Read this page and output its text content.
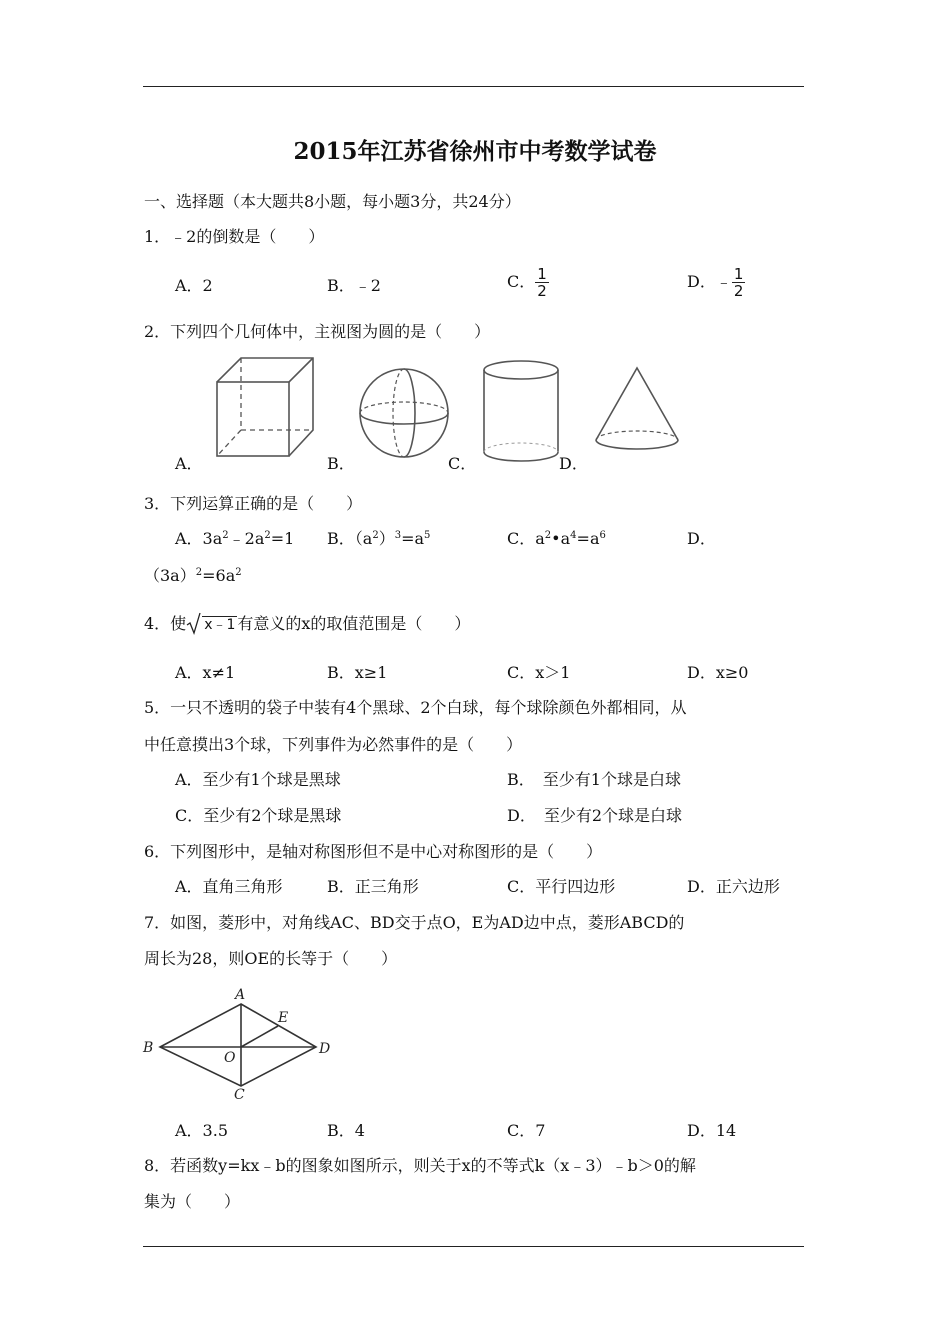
2015年江苏省徐州市中考数学试卷
一、选择题（本大题共8小题，每小题3分，共24分）
1．﹣2的倒数是（　　）
A．2	B．﹣2	C． $\frac{1}{2}$	D．﹣ $\frac{1}{2}$
2．下列四个几何体中，主视图为圆的是（　　）
A．	B．	C．	D．
3．下列运算正确的是（　　）
A．$3a^2﹣2a^2=1$ B．$(a^2)^3=a^5$	C．$a^2•a^4=a^6$	D．
$(3a)^2=6a^2$
4．使 x﹣1 有意义的x的取值范围是（　　）
A．x≠1	B．x≥1	C．x＞1	D．x≥0
5．一只不透明的袋子中装有4个黑球、2个白球，每个球除颜色外都相同，从
中任意摸出3个球，下列事件为必然事件的是（　　）
A．至少有1个球是黑球	B．　至少有1个球是白球
C．至少有2个球是黑球	D．　至少有2个球是白球
6．下列图形中，是轴对称图形但不是中心对称图形的是（　　）
A．直角三角形	B．正三角形	C．平行四边形	D．正六边形
7．如图，菱形中，对角线AC、BD交于点O，E为AD边中点，菱形ABCD的
周长为28，则OE的长等于（　　）
A
E
B
O
D
C
A．3.5	B．4	C．7	D．14
8．若函数y=kx﹣b的图象如图所示，则关于x的不等式k（x﹣3）﹣b＞0的解
集为（　　）
